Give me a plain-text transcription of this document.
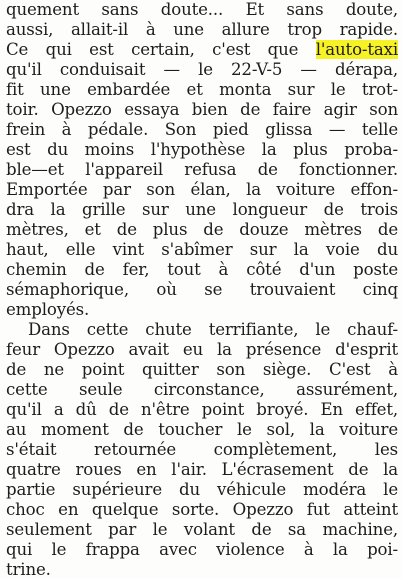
quement sans doute... Et sans doute,
aussi, allait-il à une allure trop rapide.
Ce qui est certain, c'est que l'auto-taxi
qu'il conduisait — le 22-V-5 — dérapa,
fit une embardée et monta sur le trot-
toir. Opezzo essaya bien de faire agir son
frein à pédale. Son pied glissa — telle
est du moins l'hypothèse la plus proba-
ble—et l'appareil refusa de fonctionner.
Emportée par son élan, la voiture effon-
dra la grille sur une longueur de trois
mètres, et de plus de douze mètres de
haut, elle vint s'abîmer sur la voie du
chemin de fer, tout à côté d'un poste
sémaphorique, où se trouvaient cinq
employés.
Dans cette chute terrifiante, le chauf-
feur Opezzo avait eu la présence d'esprit
de ne point quitter son siège. C'est à
cette seule circonstance, assurément,
qu'il a dû de n'être point broyé. En effet,
au moment de toucher le sol, la voiture
s'était retournée complètement, les
quatre roues en l'air. L'écrasement de la
partie supérieure du véhicule modéra le
choc en quelque sorte. Opezzo fut atteint
seulement par le volant de sa machine,
qui le frappa avec violence à la poi-
trine.
